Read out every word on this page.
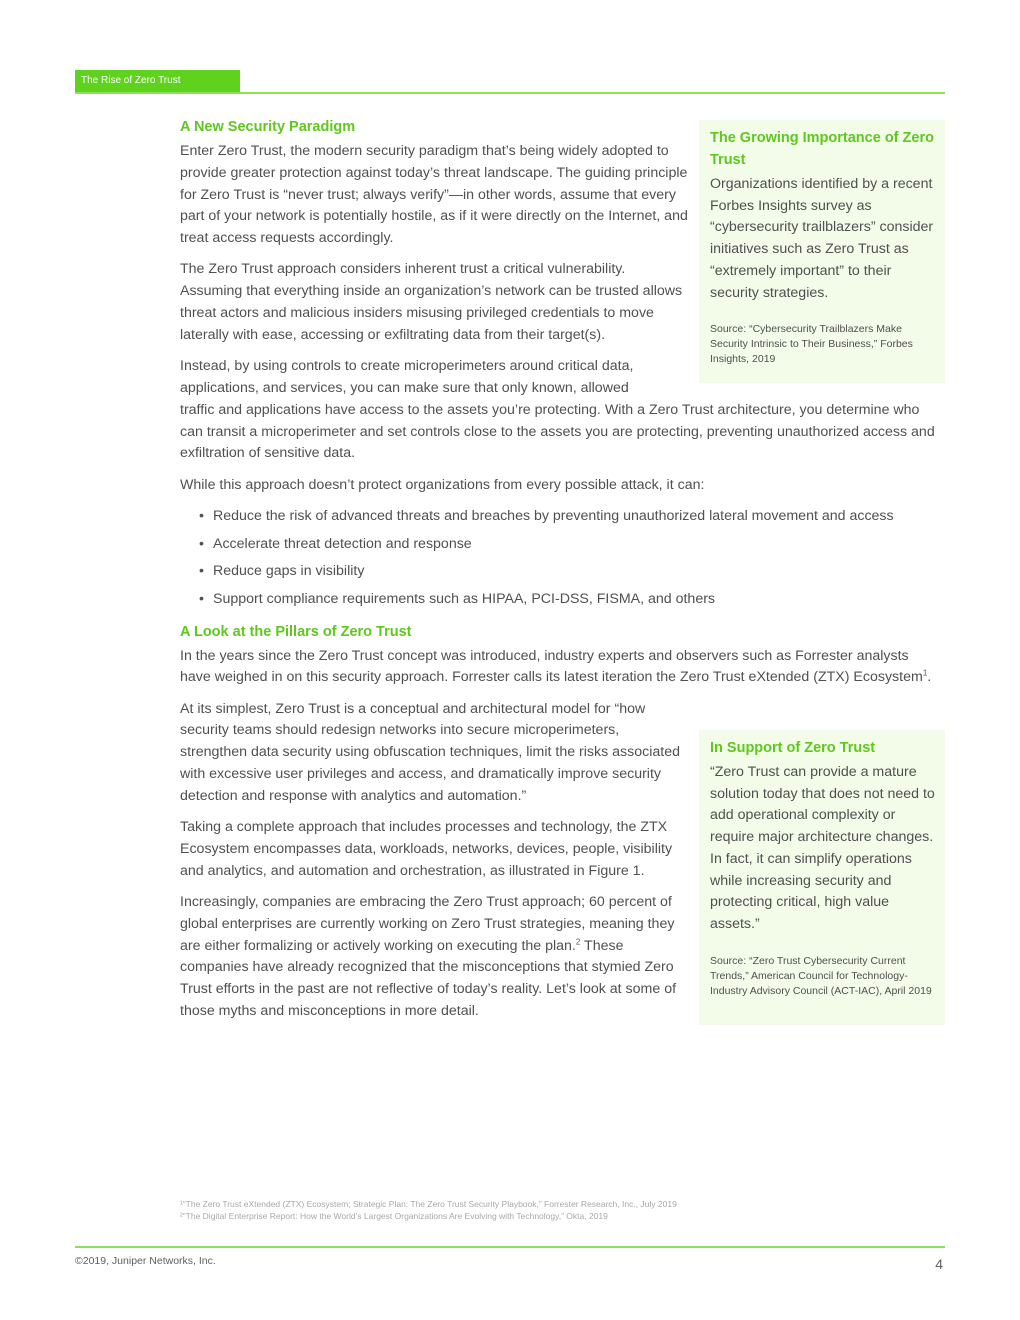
The Rise of Zero Trust
A New Security Paradigm

Enter Zero Trust, the modern security paradigm that’s being widely adopted to provide greater protection against today’s threat landscape. The guiding principle for Zero Trust is “never trust; always verify”—in other words, assume that every part of your network is potentially hostile, as if it were directly on the Internet, and treat access requests accordingly.

The Zero Trust approach considers inherent trust a critical vulnerability. Assuming that everything inside an organization’s network can be trusted allows threat actors and malicious insiders misusing privileged credentials to move laterally with ease, accessing or exfiltrating data from their target(s).

Instead, by using controls to create microperimeters around critical data, applications, and services, you can make sure that only known, allowed
traffic and applications have access to the assets you’re protecting. With a Zero Trust architecture, you determine who can transit a microperimeter and set controls close to the assets you are protecting, preventing unauthorized access and exfiltration of sensitive data.

While this approach doesn’t protect organizations from every possible attack, it can:

• Reduce the risk of advanced threats and breaches by preventing unauthorized lateral movement and access
• Accelerate threat detection and response
• Reduce gaps in visibility
• Support compliance requirements such as HIPAA, PCI-DSS, FISMA, and others
A Look at the Pillars of Zero Trust

In the years since the Zero Trust concept was introduced, industry experts and observers such as Forrester analysts have weighed in on this security approach. Forrester calls its latest iteration the Zero Trust eXtended (ZTX) Ecosystem$^1$.

At its simplest, Zero Trust is a conceptual and architectural model for “how security teams should redesign networks into secure microperimeters, strengthen data security using obfuscation techniques, limit the risks associated with excessive user privileges and access, and dramatically improve security detection and response with analytics and automation.”

Taking a complete approach that includes processes and technology, the ZTX Ecosystem encompasses data, workloads, networks, devices, people, visibility and analytics, and automation and orchestration, as illustrated in Figure 1.

Increasingly, companies are embracing the Zero Trust approach; 60 percent of global enterprises are currently working on Zero Trust strategies, meaning they are either formalizing or actively working on executing the plan.$^2$ These companies have already recognized that the misconceptions that stymied Zero Trust efforts in the past are not reflective of today’s reality. Let’s look at some of those myths and misconceptions in more detail.

The Growing Importance of Zero Trust

Organizations identified by a recent Forbes Insights survey as “cybersecurity trailblazers” consider initiatives such as Zero Trust as “extremely important” to their security strategies.

Source: “Cybersecurity Trailblazers Make Security Intrinsic to Their Business,” Forbes Insights, 2019
In Support of Zero Trust

“Zero Trust can provide a mature solution today that does not need to add operational complexity or require major architecture changes. In fact, it can simplify operations while increasing security and protecting critical, high value assets.”

Source: “Zero Trust Cybersecurity Current Trends,” American Council for Technology-Industry Advisory Council (ACT-IAC), April 2019
¹“The Zero Trust eXtended (ZTX) Ecosystem; Strategic Plan: The Zero Trust Security Playbook,” Forrester Research, Inc., July 2019
²“The Digital Enterprise Report: How the World’s Largest Organizations Are Evolving with Technology,” Okta, 2019
©2019, Juniper Networks, Inc.	4
